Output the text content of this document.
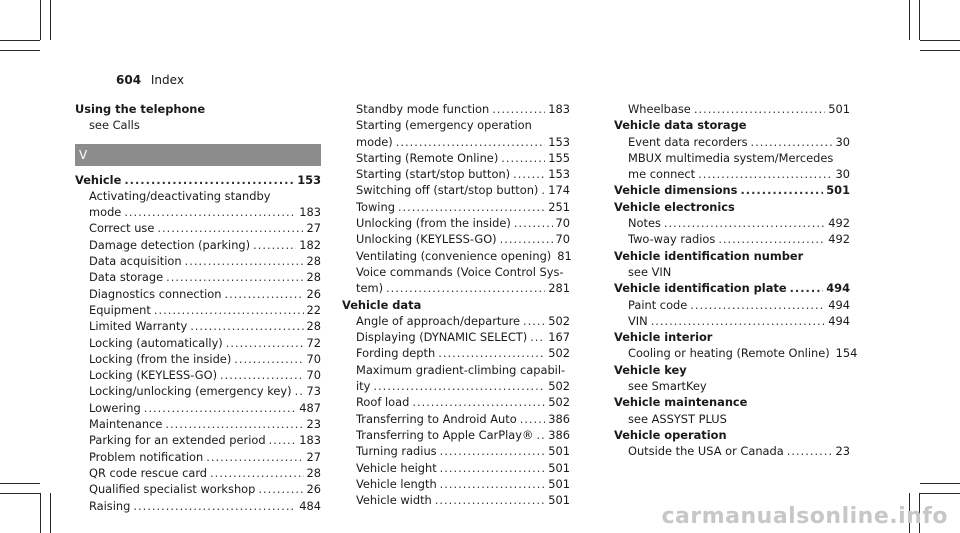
604 Index
Using the telephone
see Calls
V
Vehicle .....	153
Activating/deactivating standby
mode .....	183
Correct use .....	27
Damage detection (parking) .....	182
Data acquisition .....	28
Data storage .....	28
Diagnostics connection .....	26
Equipment .....	22
Limited Warranty .....	28
Locking (automatically) .....	72
Locking (from the inside) .....	70
Locking (KEYLESS-GO) .....	70
Locking/unlocking (emergency key) ..... 73
Lowering .....	487
Maintenance .....	23
Parking for an extended period .....	183
Problem notification .....	27
QR code rescue card .....	28
Qualified specialist workshop .....	26
Raising .....	484
Standby mode function .....	183
Starting (emergency operation
mode) .....	153
Starting (Remote Online) .....	155
Starting (start/stop button) .....	153
Switching off (start/stop button) ..... 174
Towing .....	251
Unlocking (from the inside) .....	70
Unlocking (KEYLESS-GO) .....	70
Ventilating (convenience opening) 81
Voice commands (Voice Control Sys-
tem) .....	281
Vehicle data
Angle of approach/departure ..... 502
Displaying (DYNAMIC SELECT) ..... 167
Fording depth .....	502
Maximum gradient-climbing capabil-
ity .....	502
Roof load .....	502
Transferring to Android Auto .....	386
Transferring to Apple CarPlay® ..... 386
Turning radius .....	501
Vehicle height .....	501
Vehicle length .....	501
Vehicle width .....	501
Wheelbase .....	501
Vehicle data storage
Event data recorders .....	30
MBUX multimedia system/Mercedes
me connect .....	30
Vehicle dimensions .....	501
Vehicle electronics
Notes .....	492
Two-way radios .....	492
Vehicle identification number
see VIN
Vehicle identification plate .....	494
Paint code .....	494
VIN .....	494
Vehicle interior
Cooling or heating (Remote Online) 154
Vehicle key
see SmartKey
Vehicle maintenance
see ASSYST PLUS
Vehicle operation
Outside the USA or Canada .....	23
carmanualsonline.info
